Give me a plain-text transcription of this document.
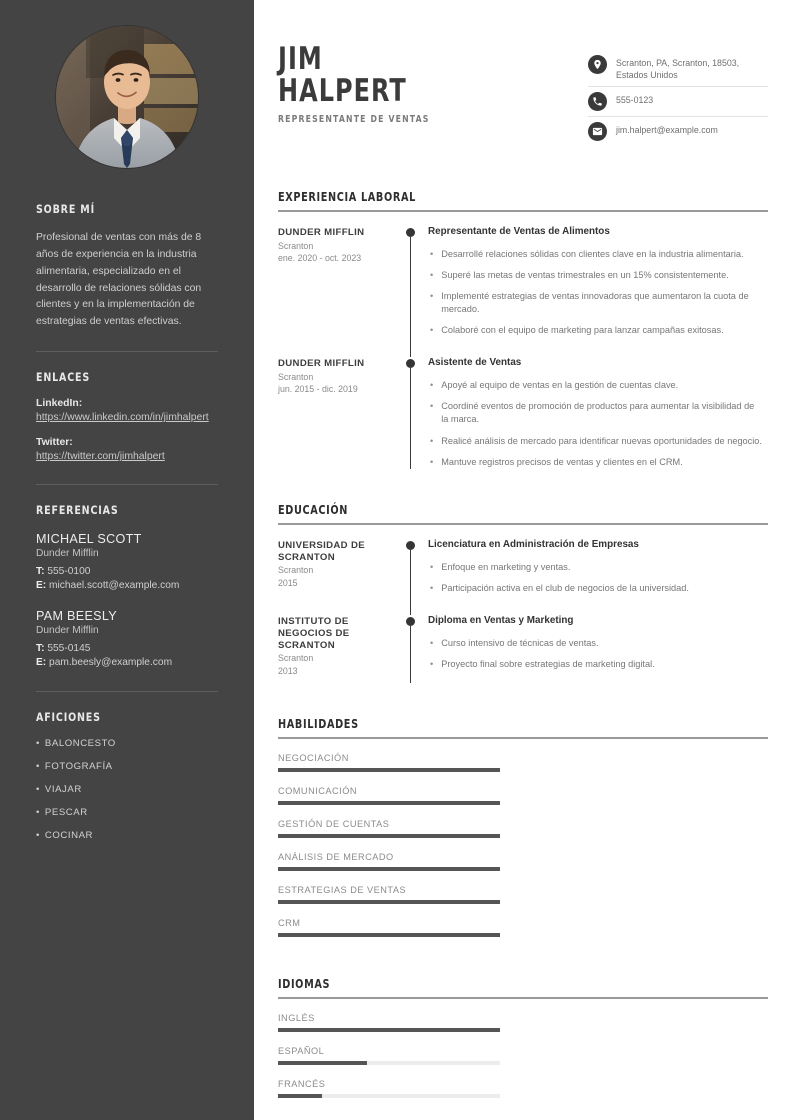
SOBRE MÍ
Profesional de ventas con más de 8 años de experiencia en la industria alimentaria, especializado en el desarrollo de relaciones sólidas con clientes y en la implementación de estrategias de ventas efectivas.
ENLACES
LinkedIn:
https://www.linkedin.com/in/jimhalpert
Twitter:
https://twitter.com/jimhalpert
REFERENCIAS
MICHAEL SCOTT
Dunder Mifflin
T: 555-0100
E: michael.scott@example.com
PAM BEESLY
Dunder Mifflin
T: 555-0145
E: pam.beesly@example.com
AFICIONES
• BALONCESTO
• FOTOGRAFÍA
• VIAJAR
• PESCAR
• COCINAR
JIM
HALPERT
REPRESENTANTE DE VENTAS
Scranton, PA, Scranton, 18503, Estados Unidos
555-0123
jim.halpert@example.com
EXPERIENCIA LABORAL
DUNDER MIFFLIN
Scranton
ene. 2020 - oct. 2023
Representante de Ventas de Alimentos
• Desarrollé relaciones sólidas con clientes clave en la industria alimentaria.
• Superé las metas de ventas trimestrales en un 15% consistentemente.
• Implementé estrategias de ventas innovadoras que aumentaron la cuota de mercado.
• Colaboré con el equipo de marketing para lanzar campañas exitosas.
DUNDER MIFFLIN
Scranton
jun. 2015 - dic. 2019
Asistente de Ventas
• Apoyé al equipo de ventas en la gestión de cuentas clave.
• Coordiné eventos de promoción de productos para aumentar la visibilidad de la marca.
• Realicé análisis de mercado para identificar nuevas oportunidades de negocio.
• Mantuve registros precisos de ventas y clientes en el CRM.
EDUCACIÓN
UNIVERSIDAD DE SCRANTON
Scranton
2015
Licenciatura en Administración de Empresas
• Enfoque en marketing y ventas.
• Participación activa en el club de negocios de la universidad.
INSTITUTO DE NEGOCIOS DE SCRANTON
Scranton
2013
Diploma en Ventas y Marketing
• Curso intensivo de técnicas de ventas.
• Proyecto final sobre estrategias de marketing digital.
HABILIDADES
NEGOCIACIÓN
COMUNICACIÓN
GESTIÓN DE CUENTAS
ANÁLISIS DE MERCADO
ESTRATEGIAS DE VENTAS
CRM
IDIOMAS
INGLÉS
ESPAÑOL
FRANCÉS
